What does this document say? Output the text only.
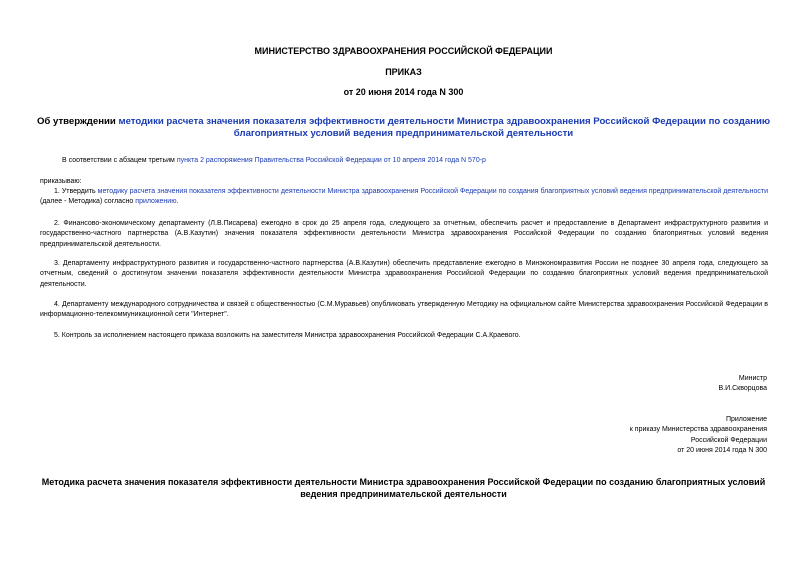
МИНИСТЕРСТВО ЗДРАВООХРАНЕНИЯ РОССИЙСКОЙ ФЕДЕРАЦИИ
ПРИКАЗ
от 20 июня 2014 года N 300
Об утверждении методики расчета значения показателя эффективности деятельности Министра здравоохранения Российской Федерации по созданию
благоприятных условий ведения предпринимательской деятельности
В соответствии с абзацем третьим пункта 2 распоряжения Правительства Российской Федерации от 10 апреля 2014 года N 570-р
приказываю:
1. Утвердить методику расчета значения показателя эффективности деятельности Министра здравоохранения Российской Федерации по создания благоприятных условий ведения предпринимательской деятельности (далее - Методика) согласно приложению.
2. Финансово-экономическому департаменту (Л.В.Писарева) ежегодно в срок до 25 апреля года, следующего за отчетным, обеспечить расчет и предоставление в Департамент инфраструктурного развития и государственно-частного партнерства (А.В.Казутин) значения показателя эффективности деятельности Министра здравоохранения Российской Федерации по созданию благоприятных условий ведения предпринимательской деятельности.
3. Департаменту инфраструктурного развития и государственно-частного партнерства (А.В.Казутин) обеспечить представление ежегодно в Минэкономразвития России не позднее 30 апреля года, следующего за отчетным, сведений о достигнутом значении показателя эффективности деятельности Министра здравоохранения Российской Федерации по созданию благоприятных условий ведения предпринимательской деятельности.
4. Департаменту международного сотрудничества и связей с общественностью (С.М.Муравьев) опубликовать утвержденную Методику на официальном сайте Министерства здравоохранения Российской Федерации в информационно-телекоммуникационной сети "Интернет".
5. Контроль за исполнением настоящего приказа возложить на заместителя Министра здравоохранения Российской Федерации С.А.Краевого.
Министр
В.И.Скворцова
Приложение
к приказу Министерства здравоохранения
Российской Федерации
от 20 июня 2014 года N 300
Методика расчета значения показателя эффективности деятельности Министра здравоохранения Российской Федерации по созданию благоприятных условий
ведения предпринимательской деятельности
